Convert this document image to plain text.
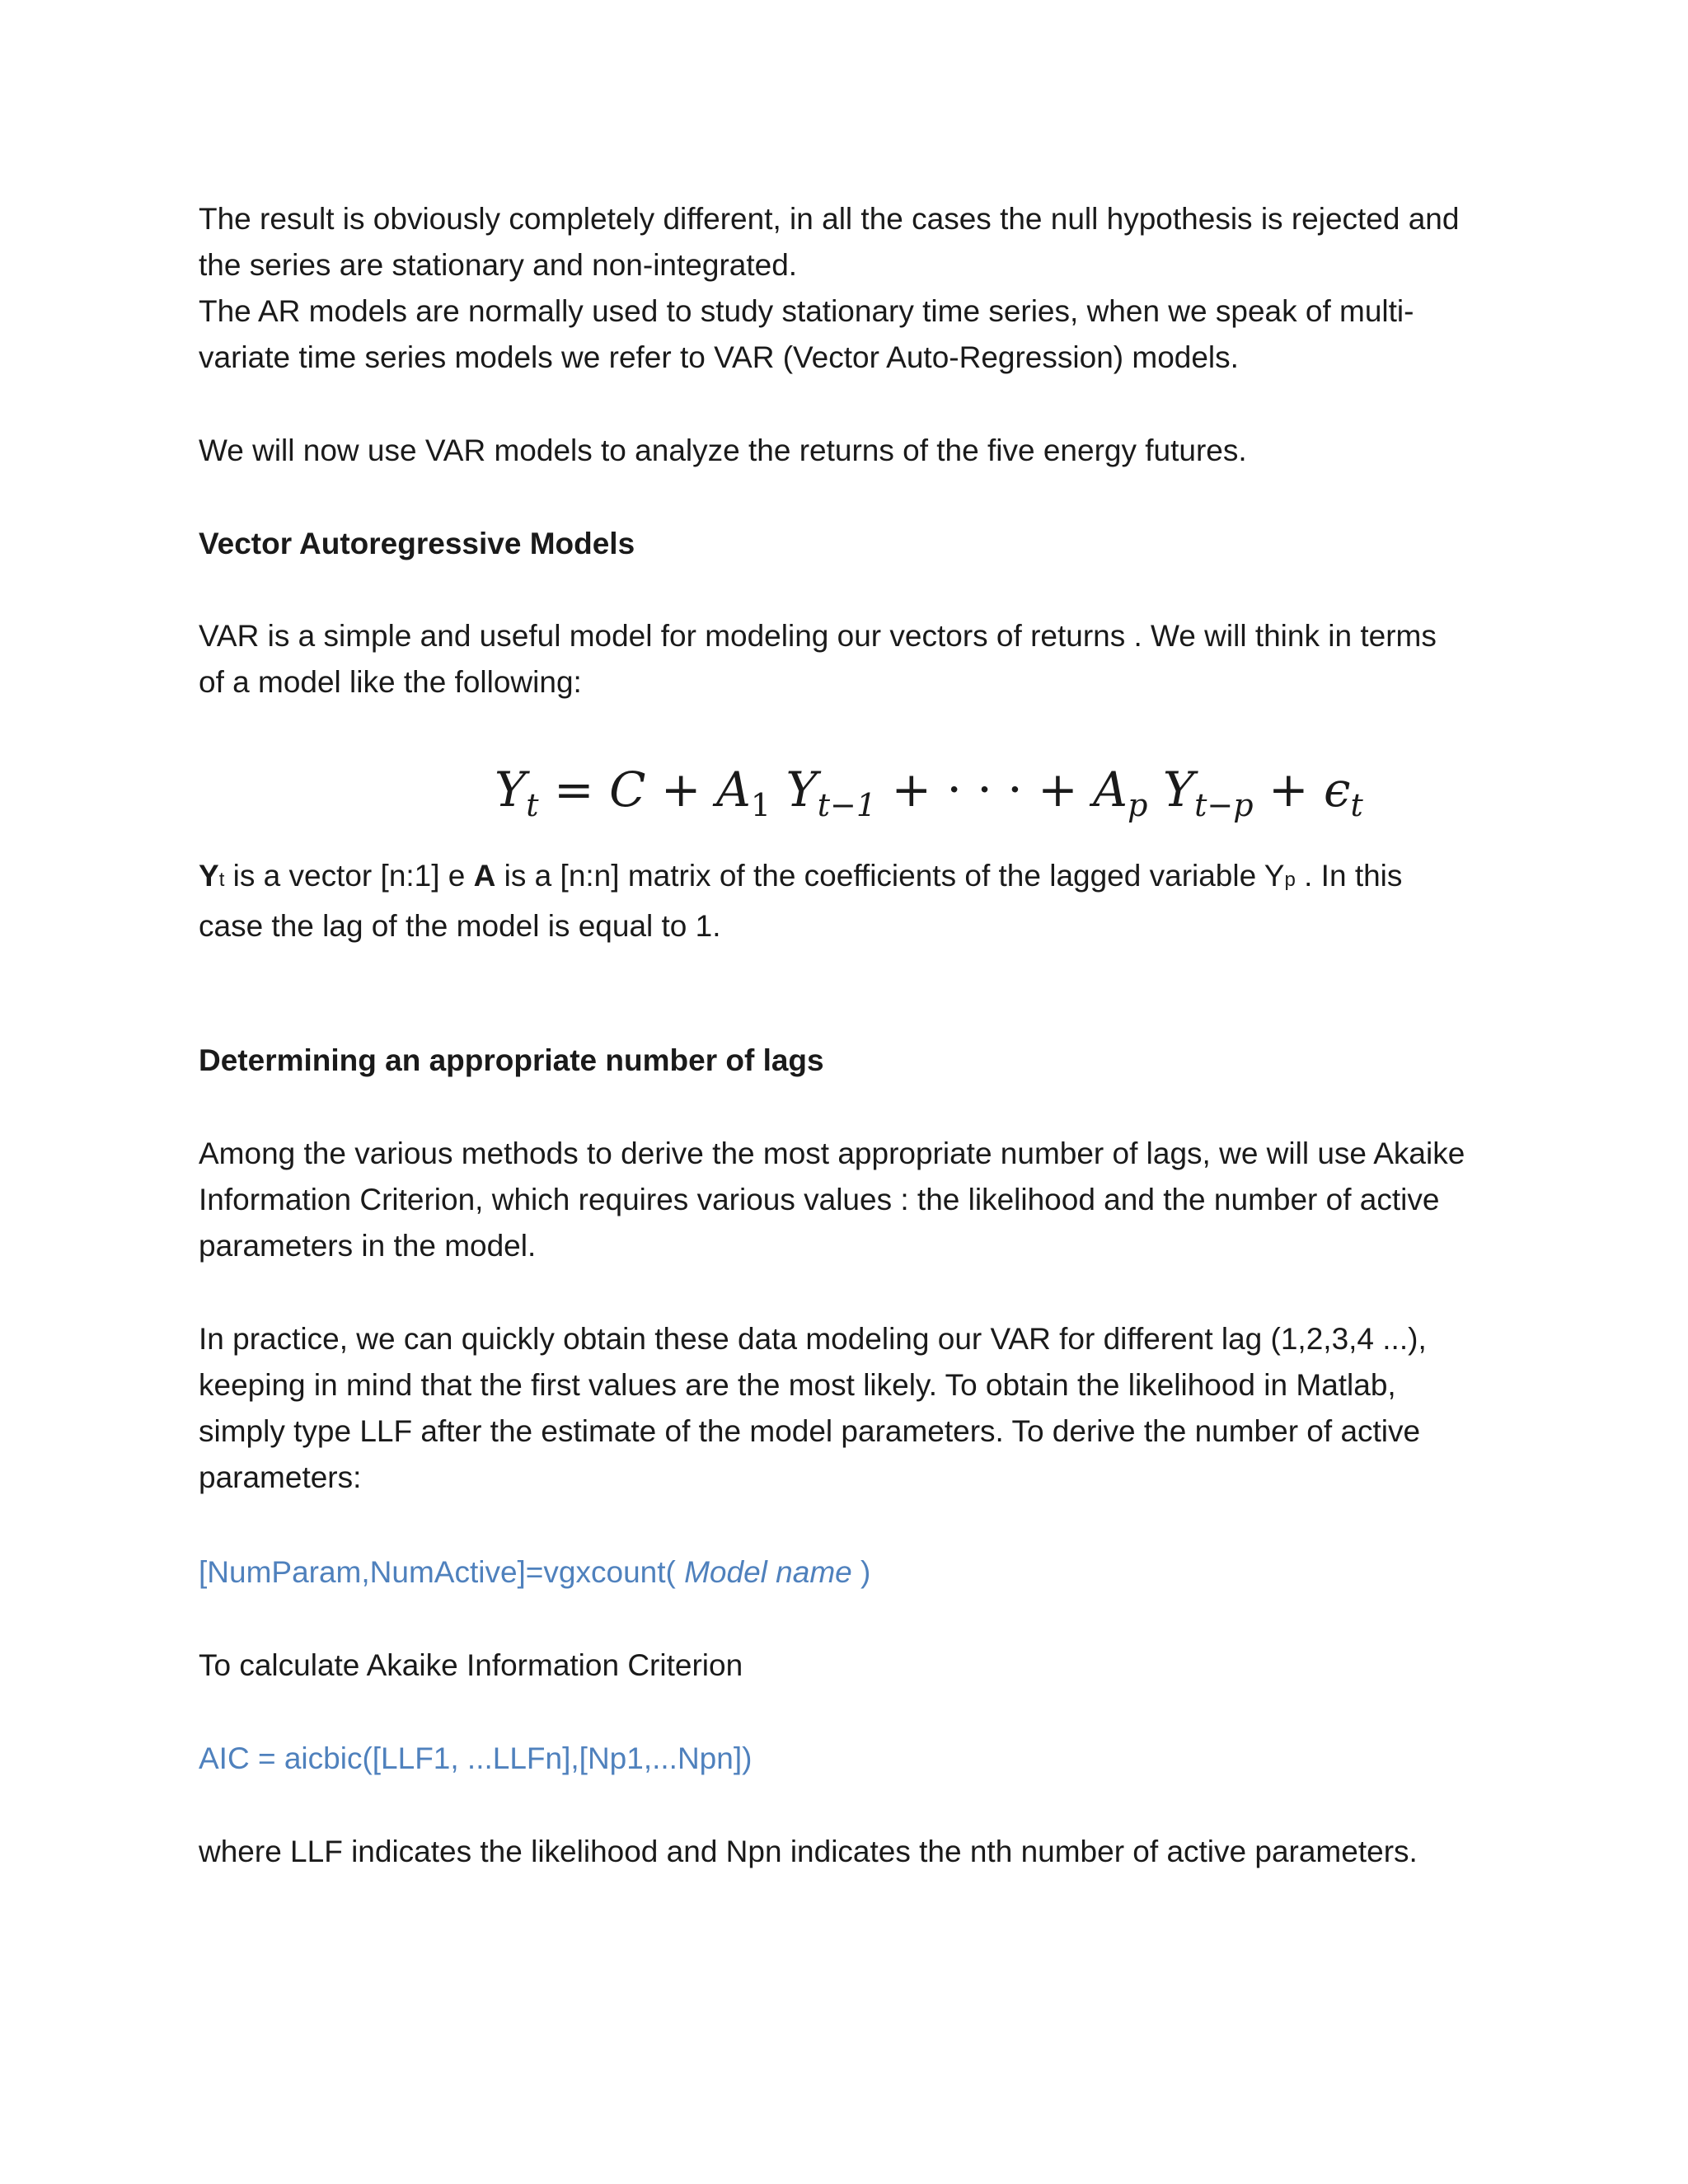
The result is obviously completely different, in all the cases the null hypothesis is rejected and
the series are stationary and non-integrated.
The AR models are normally used to study stationary time series, when we speak of multi-
variate time series models we refer to VAR (Vector Auto-Regression) models.

We will now use VAR models to analyze the returns of the five energy futures.

Vector Autoregressive Models

VAR is a simple and useful model for modeling our vectors of returns . We will think in terms
of a model like the following:

$Y_t = C + A_1$ $Y_{t-1}$ + · · · + $A_p$ $Y_{t-p} + \epsilon_t$

Yt is a vector [n:1] e A is a [n:n] matrix of the coefficients of the lagged variable Yp . In this
case the lag of the model is equal to 1.

Determining an appropriate number of lags

Among the various methods to derive the most appropriate number of lags, we will use Akaike
Information Criterion, which requires various values : the likelihood and the number of active
parameters in the model.

In practice, we can quickly obtain these data modeling our VAR for different lag (1,2,3,4 ...),
keeping in mind that the first values are the most likely. To obtain the likelihood in Matlab,
simply type LLF after the estimate of the model parameters. To derive the number of active
parameters:

[NumParam,NumActive]=vgxcount( Model name )

To calculate Akaike Information Criterion

AIC = aicbic([LLF1, ...LLFn],[Np1,...Npn])

where LLF indicates the likelihood and Npn indicates the nth number of active parameters.
